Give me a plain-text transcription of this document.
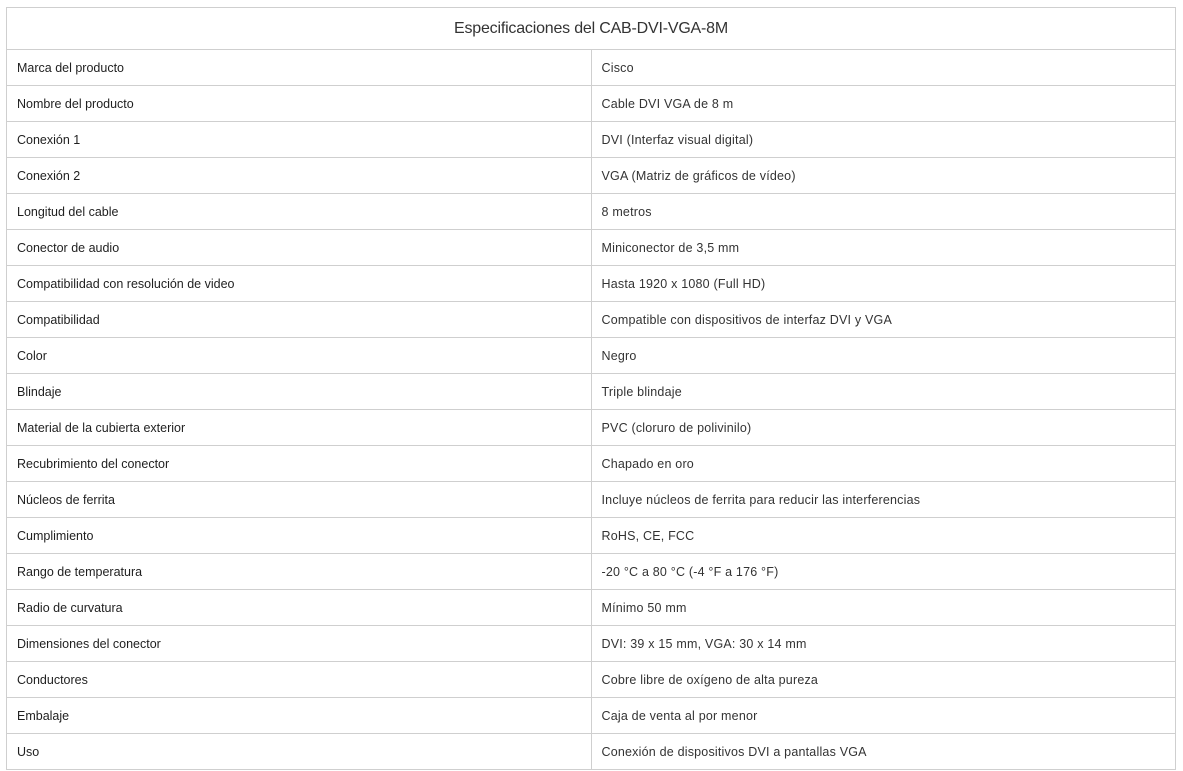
Especificaciones del CAB-DVI-VGA-8M	
Marca del producto	Cisco
Nombre del producto	Cable DVI VGA de 8 m
Conexión 1	DVI (Interfaz visual digital)
Conexión 2	VGA (Matriz de gráficos de vídeo)
Longitud del cable	8 metros
Conector de audio	Miniconector de 3,5 mm
Compatibilidad con resolución de video	Hasta 1920 x 1080 (Full HD)
Compatibilidad	Compatible con dispositivos de interfaz DVI y VGA
Color	Negro
Blindaje	Triple blindaje
Material de la cubierta exterior	PVC (cloruro de polivinilo)
Recubrimiento del conector	Chapado en oro
Núcleos de ferrita	Incluye núcleos de ferrita para reducir las interferencias
Cumplimiento	RoHS, CE, FCC
Rango de temperatura	-20 °C a 80 °C (-4 °F a 176 °F)
Radio de curvatura	Mínimo 50 mm
Dimensiones del conector	DVI: 39 x 15 mm, VGA: 30 x 14 mm
Conductores	Cobre libre de oxígeno de alta pureza
Embalaje	Caja de venta al por menor
Uso	Conexión de dispositivos DVI a pantallas VGA
